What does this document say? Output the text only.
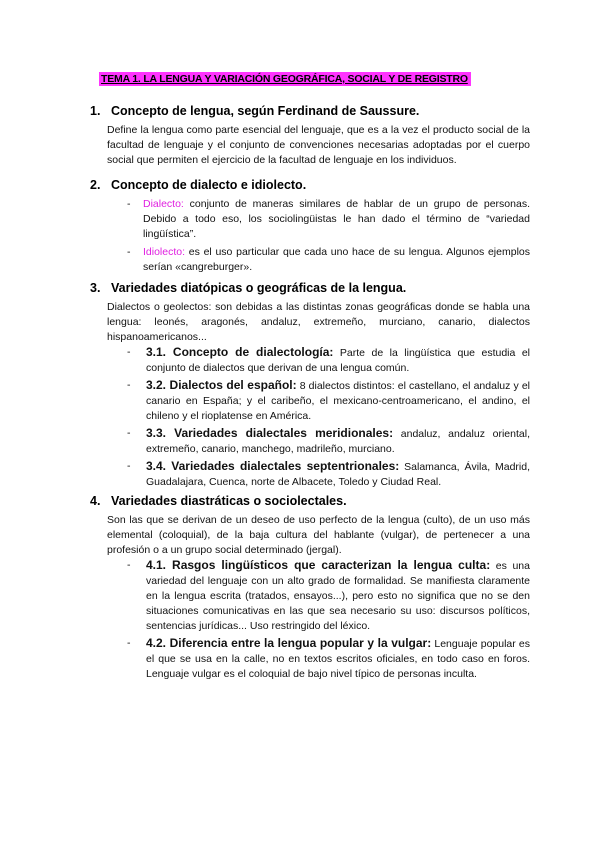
TEMA 1. LA LENGUA Y VARIACIÓN GEOGRÁFICA, SOCIAL Y DE REGISTRO
1. Concepto de lengua, según Ferdinand de Saussure.
Define la lengua como parte esencial del lenguaje, que es a la vez el producto social de la facultad de lenguaje y el conjunto de convenciones necesarias adoptadas por el cuerpo social que permiten el ejercicio de la facultad de lenguaje en los individuos.
2. Concepto de dialecto e idiolecto.
- Dialecto: conjunto de maneras similares de hablar de un grupo de personas. Debido a todo eso, los sociolingüistas le han dado el término de “variedad lingüística”.
- Idiolecto: es el uso particular que cada uno hace de su lengua. Algunos ejemplos serían «cangreburger».
3. Variedades diatópicas o geográficas de la lengua.
Dialectos o geolectos: son debidas a las distintas zonas geográficas donde se habla una lengua: leonés, aragonés, andaluz, extremeño, murciano, canario, dialectos hispanoamericanos...
- 3.1. Concepto de dialectología: Parte de la lingüística que estudia el conjunto de dialectos que derivan de una lengua común.
- 3.2. Dialectos del español: 8 dialectos distintos: el castellano, el andaluz y el canario en España; y el caribeño, el mexicano-centroamericano, el andino, el chileno y el rioplatense en América.
- 3.3. Variedades dialectales meridionales: andaluz, andaluz oriental, extremeño, canario, manchego, madrileño, murciano.
- 3.4. Variedades dialectales septentrionales: Salamanca, Ávila, Madrid, Guadalajara, Cuenca, norte de Albacete, Toledo y Ciudad Real.
4. Variedades diastráticas o sociolectales.
Son las que se derivan de un deseo de uso perfecto de la lengua (culto), de un uso más elemental (coloquial), de la baja cultura del hablante (vulgar), de pertenecer a una profesión o a un grupo social determinado (jergal).
- 4.1. Rasgos lingüísticos que caracterizan la lengua culta: es una variedad del lenguaje con un alto grado de formalidad. Se manifiesta claramente en la lengua escrita (tratados, ensayos...), pero esto no significa que no se den situaciones comunicativas en las que sea necesario su uso: discursos políticos, sentencias jurídicas... Uso restringido del léxico.
- 4.2. Diferencia entre la lengua popular y la vulgar: Lenguaje popular es el que se usa en la calle, no en textos escritos oficiales, en todo caso en foros. Lenguaje vulgar es el coloquial de bajo nivel típico de personas inculta.
